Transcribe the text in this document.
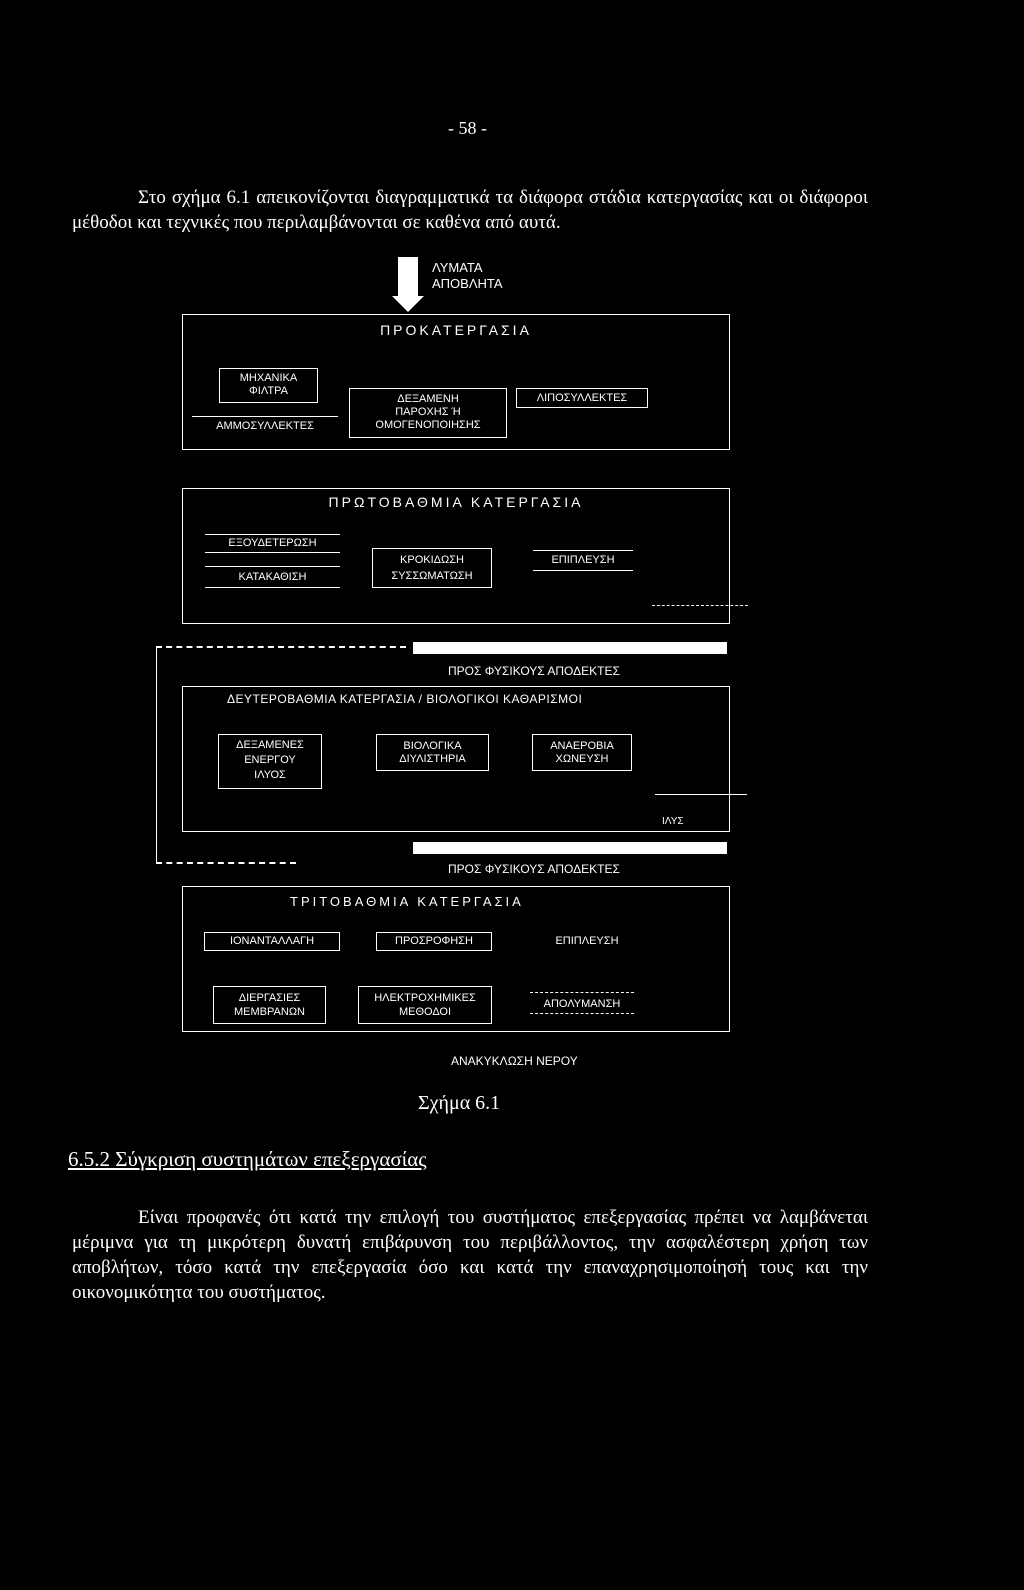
- 58 -
Στο σχήμα 6.1 απεικονίζονται διαγραμματικά τα διάφορα στάδια κατεργασίας και οι διάφοροι μέθοδοι και τεχνικές που περιλαμβάνονται σε καθένα από αυτά.
ΛΥΜΑΤΑ
ΑΠΟΒΛΗΤΑ
ΠΡΟΚΑΤΕΡΓΑΣΙΑ
ΜΗΧΑΝΙΚΑ
ΦΙΛΤΡΑ
ΑΜΜΟΣΥΛΛΕΚΤΕΣ
ΔΕΞΑΜΕΝΗ
ΠΑΡΟΧΗΣ Ή
ΟΜΟΓΕΝΟΠΟΙΗΣΗΣ
ΛΙΠΟΣΥΛΛΕΚΤΕΣ
ΠΡΩΤΟΒΑΘΜΙΑ ΚΑΤΕΡΓΑΣΙΑ
ΕΞΟΥΔΕΤΕΡΩΣΗ
ΚΑΤΑΚΑΘΙΣΗ
ΚΡΟΚΙΔΩΣΗ
ΣΥΣΣΩΜΑΤΩΣΗ
ΕΠΙΠΛΕΥΣΗ
ΠΡΟΣ ΦΥΣΙΚΟΥΣ ΑΠΟΔΕΚΤΕΣ
ΔΕΥΤΕΡΟΒΑΘΜΙΑ ΚΑΤΕΡΓΑΣΙΑ / ΒΙΟΛΟΓΙΚΟΙ ΚΑΘΑΡΙΣΜΟΙ
ΔΕΞΑΜΕΝΕΣ
ΕΝΕΡΓΟΥ
ΙΛΥΟΣ
ΒΙΟΛΟΓΙΚΑ
ΔΙΥΛΙΣΤΗΡΙΑ
ΑΝΑΕΡΟΒΙΑ
ΧΩΝΕΥΣΗ
ΙΛΥΣ
ΠΡΟΣ ΦΥΣΙΚΟΥΣ ΑΠΟΔΕΚΤΕΣ
ΤΡΙΤΟΒΑΘΜΙΑ ΚΑΤΕΡΓΑΣΙΑ
ΙΟΝΑΝΤΑΛΛΑΓΗ	ΠΡΟΣΡΟΦΗΣΗ	ΕΠΙΠΛΕΥΣΗ
ΔΙΕΡΓΑΣΙΕΣ
ΜΕΜΒΡΑΝΩΝ
ΗΛΕΚΤΡΟΧΗΜΙΚΕΣ
ΜΕΘΟΔΟΙ
ΑΠΟΛΥΜΑΝΣΗ
ΑΝΑΚΥΚΛΩΣΗ ΝΕΡΟΥ
Σχήμα 6.1
6.5.2 Σύγκριση συστημάτων επεξεργασίας
Είναι προφανές ότι κατά την επιλογή του συστήματος επεξεργασίας πρέπει να λαμβάνεται μέριμνα για τη μικρότερη δυνατή επιβάρυνση του περιβάλλοντος, την ασφαλέστερη χρήση των αποβλήτων, τόσο κατά την επεξεργασία όσο και κατά την επαναχρησιμοποίησή τους και την οικονομικότητα του συστήματος.
